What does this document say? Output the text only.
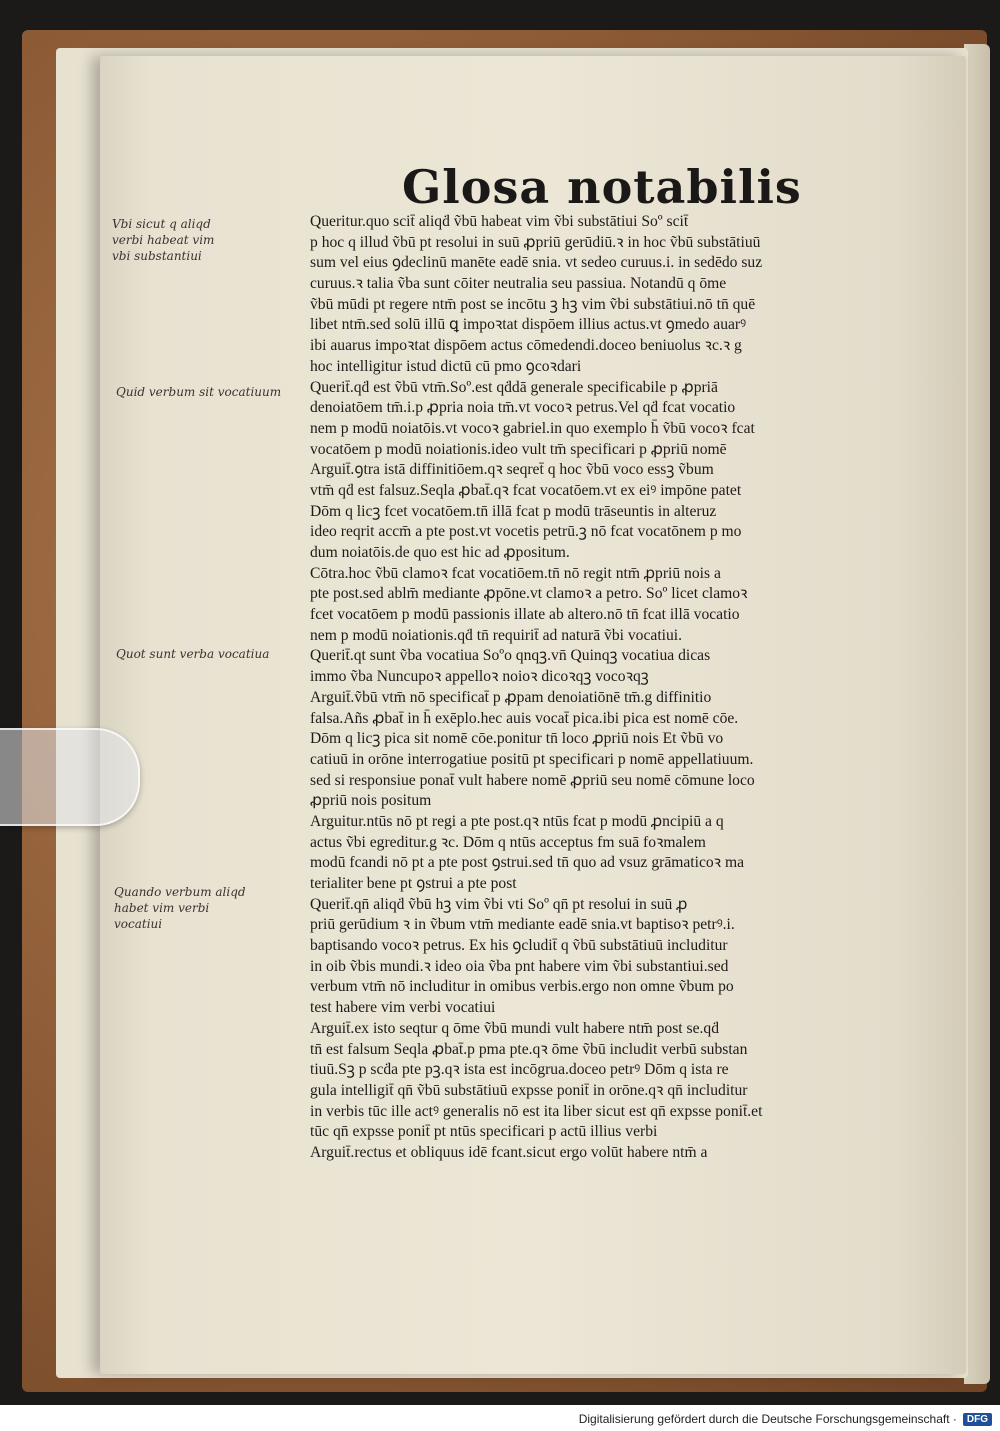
Glosa notabilis
Queritur.quo scit̄ aliqḋ ṽbū habeat vim ṽbi substātiui Soº scit̄
p hoc q illud ṽbū pt resolui in suū ꝓpriū gerūdiū.ꝛ in hoc ṽbū substātiuū
sum vel eius ꝯdeclinū manēte eadē snia. vt sedeo curuus.i. in sedēdo suz
curuus.ꝛ talia ṽba sunt cōiter neutralia seu passiua. Notandū q ōme
ṽbū mūdi pt regere ntm̄ post se incōtu ꝫ hꝫ vim ṽbi substātiui.nō tn̄ quē
libet ntm̄.sed solū illū ꝗ impoꝛtat dispōem illius actus.vt ꝯmedo auarꝰ
ibi auarus impoꝛtat dispōem actus cōmedendi.doceo beniuolus ꝛc.ꝛ g
hoc intelligitur istud dictū cū pmo ꝯcoꝛdari
Querit̄.qḋ est ṽbū vtm̄.Soº.est qḋdā generale specificabile p ꝓpriā
denoiatōem tm̄.i.p ꝓpria noia tm̄.vt vocoꝛ petrus.Vel qḋ fcat vocatio
nem p modū noiatōis.vt vocoꝛ gabriel.in quo exemplo h̄ ṽbū vocoꝛ fcat
vocatōem p modū noiationis.ideo vult tm̄ specificari p ꝓpriū nomē
Arguit̄.ꝯtra istā diffinitiōem.qꝛ seqret̄ q hoc ṽbū voco essꝫ ṽbum
vtm̄ qḋ est falsuz.Seqla ꝓbat̄.qꝛ fcat vocatōem.vt ex eiꝰ impōne patet
Dōm q licꝫ fcet vocatōem.tn̄ illā fcat p modū trāseuntis in alteruz
ideo reqrit accm̄ a pte post.vt vocetis petrū.ꝫ nō fcat vocatōnem p mo
dum noiatōis.de quo est hic ad ꝓpositum.
Cōtra.hoc ṽbū clamoꝛ fcat vocatiōem.tn̄ nō regit ntm̄ ꝓpriū nois a
pte post.sed ablm̄ mediante ꝓpōne.vt clamoꝛ a petro. Soº licet clamoꝛ
fcet vocatōem p modū passionis illate ab altero.nō tn̄ fcat illā vocatio
nem p modū noiationis.qḋ tn̄ requirit̄ ad naturā ṽbi vocatiui.
Querit̄.qt sunt ṽba vocatiua Soºo qnqꝫ.vn̄ Quinqꝫ vocatiua dicas
immo ṽba Nuncupoꝛ appelloꝛ noioꝛ dicoꝛqꝫ vocoꝛqꝫ
Arguit̄.ṽbū vtm̄ nō specificat̄ p ꝓpam denoiatiōnē tm̄.g diffinitio
falsa.Añs ꝓbat̄ in h̄ exēplo.hec auis vocat̄ pica.ibi pica est nomē cōe.
Dōm q licꝫ pica sit nomē cōe.ponitur tn̄ loco ꝓpriū nois Et ṽbū vo
catiuū in orōne interrogatiue positū pt specificari p nomē appellatiuum.
sed si responsiue ponat̄ vult habere nomē ꝓpriū seu nomē cōmune loco
ꝓpriū nois positum
Arguitur.ntūs nō pt regi a pte post.qꝛ ntūs fcat p modū ꝓncipiū a q
actus ṽbi egreditur.g ꝛc. Dōm q ntūs acceptus fm suā foꝛmalem
modū fcandi nō pt a pte post ꝯstrui.sed tn̄ quo ad vsuz grāmaticoꝛ ma
terialiter bene pt ꝯstrui a pte post
Querit̄.qn̄ aliqḋ ṽbū hꝫ vim ṽbi vti Soº qn̄ pt resolui in suū ꝓ
priū gerūdium ꝛ in ṽbum vtm̄ mediante eadē snia.vt baptisoꝛ petrꝰ.i.
baptisando vocoꝛ petrus. Ex his ꝯcludit̄ q ṽbū substātiuū includitur
in oib ṽbis mundi.ꝛ ideo oia ṽba pnt habere vim ṽbi substantiui.sed
verbum vtm̄ nō includitur in omibus verbis.ergo non omne ṽbum po
test habere vim verbi vocatiui
Arguit̄.ex isto seqtur q ōme ṽbū mundi vult habere ntm̄ post se.qḋ
tn̄ est falsum Seqla ꝓbat̄.p pma pte.qꝛ ōme ṽbū includit verbū substan
tiuū.Sꝫ p scḋa pte pꝫ.qꝛ ista est incōgrua.doceo petrꝰ Dōm q ista re
gula intelligit̄ qn̄ ṽbū substātiuū expsse ponit̄ in orōne.qꝛ qn̄ includitur
in verbis tūc ille actꝰ generalis nō est ita liber sicut est qn̄ expsse ponit̄.et
tūc qn̄ expsse ponit̄ pt ntūs specificari p actū illius verbi
Arguit̄.rectus et obliquus idē fcant.sicut ergo volūt habere ntm̄ a
Vbi sicut q aliqd
verbi habeat vim
vbi substantiui
Quid verbum sit vocatiuum
Quot sunt verba vocatiua
Quando verbum aliqd
habet vim verbi
vocatiui
Digitalisierung gefördert durch die Deutsche Forschungsgemeinschaft ·	DFG
